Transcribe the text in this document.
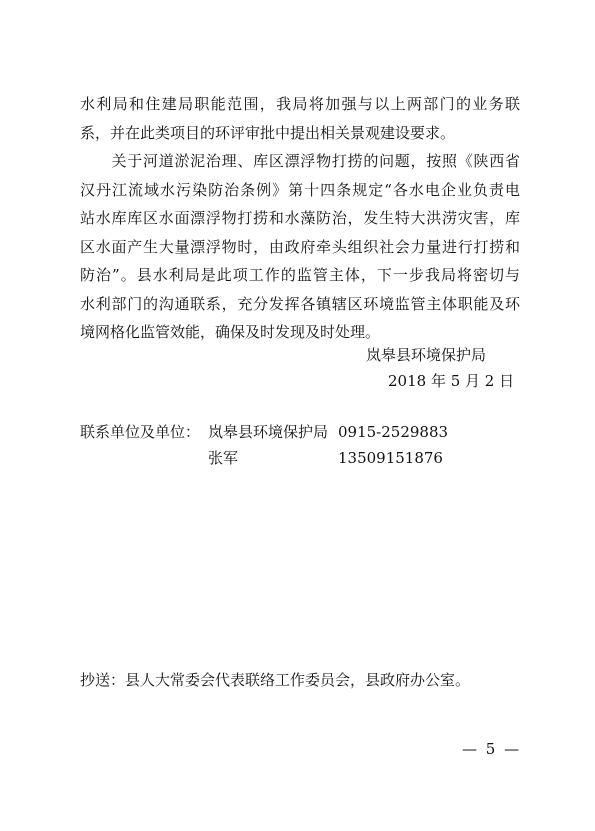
水利局和住建局职能范围，我局将加强与以上两部门的业务联
系，并在此类项目的环评审批中提出相关景观建设要求。
　　关于河道淤泥治理、库区漂浮物打捞的问题，按照《陕西省
汉丹江流域水污染防治条例》第十四条规定“各水电企业负责电
站水库库区水面漂浮物打捞和水藻防治，发生特大洪涝灾害，库
区水面产生大量漂浮物时，由政府牵头组织社会力量进行打捞和
防治”。县水利局是此项工作的监管主体，下一步我局将密切与
水利部门的沟通联系，充分发挥各镇辖区环境监管主体职能及环
境网格化监管效能，确保及时发现及时处理。
岚皋县环境保护局
2018 年 5 月 2 日
联系单位及单位： 岚皋县环境保护局 0915-2529883
张军	13509151876
抄送：县人大常委会代表联络工作委员会，县政府办公室。
— 5 —
